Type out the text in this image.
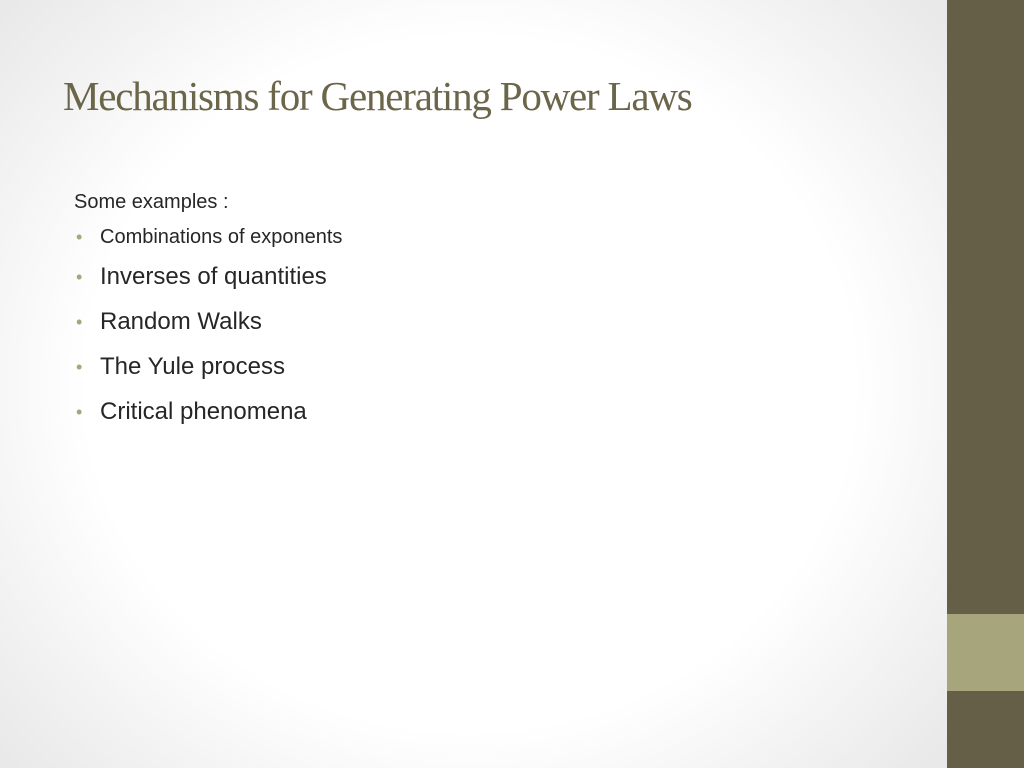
Mechanisms for Generating Power Laws
Some examples :
• Combinations of exponents
• Inverses of quantities
• Random Walks
• The Yule process
• Critical phenomena
